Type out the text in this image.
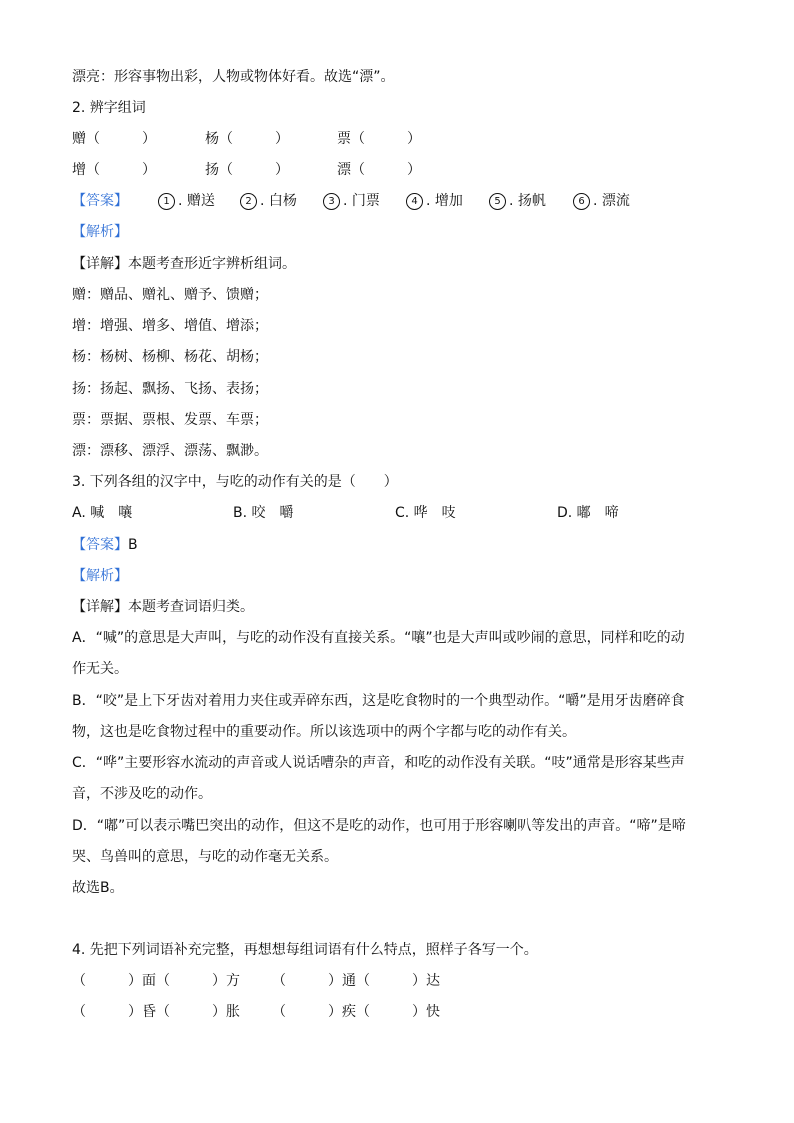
漂亮：形容事物出彩，人物或物体好看。故选“漂”。
2. 辨字组词
赠（　　　）	杨（　　　）	票（　　　）
增（　　　）	扬（　　　）	漂（　　　）
【答案】	1 . 赠送	2 . 白杨	3 . 门票	4 . 增加	5 . 扬帆	6 . 漂流
【解析】
【详解】本题考查形近字辨析组词。
赠：赠品、赠礼、赠予、馈赠；
增：增强、增多、增值、增添；
杨：杨树、杨柳、杨花、胡杨；
扬：扬起、飘扬、飞扬、表扬；
票：票据、票根、发票、车票；
漂：漂移、漂浮、漂荡、飘渺。
3. 下列各组的汉字中，与吃的动作有关的是（　　）
A. 喊　嚷	B. 咬　嚼	C. 哗　吱	D. 嘟　啼
【答案】B
【解析】
【详解】本题考查词语归类。
A．“喊”的意思是大声叫，与吃的动作没有直接关系。“嚷”也是大声叫或吵闹的意思，同样和吃的动
作无关。
B．“咬”是上下牙齿对着用力夹住或弄碎东西，这是吃食物时的一个典型动作。“嚼”是用牙齿磨碎食
物，这也是吃食物过程中的重要动作。所以该选项中的两个字都与吃的动作有关。
C．“哗”主要形容水流动的声音或人说话嘈杂的声音，和吃的动作没有关联。“吱”通常是形容某些声
音，不涉及吃的动作。
D．“嘟”可以表示嘴巴突出的动作，但这不是吃的动作，也可用于形容喇叭等发出的声音。“啼”是啼
哭、鸟兽叫的意思，与吃的动作毫无关系。
故选B。
4. 先把下列词语补充完整，再想想每组词语有什么特点，照样子各写一个。
（　　　）面（　　　）方 （　　　）通（　　　）达
（　　　）昏（　　　）胀 （　　　）疾（　　　）快
